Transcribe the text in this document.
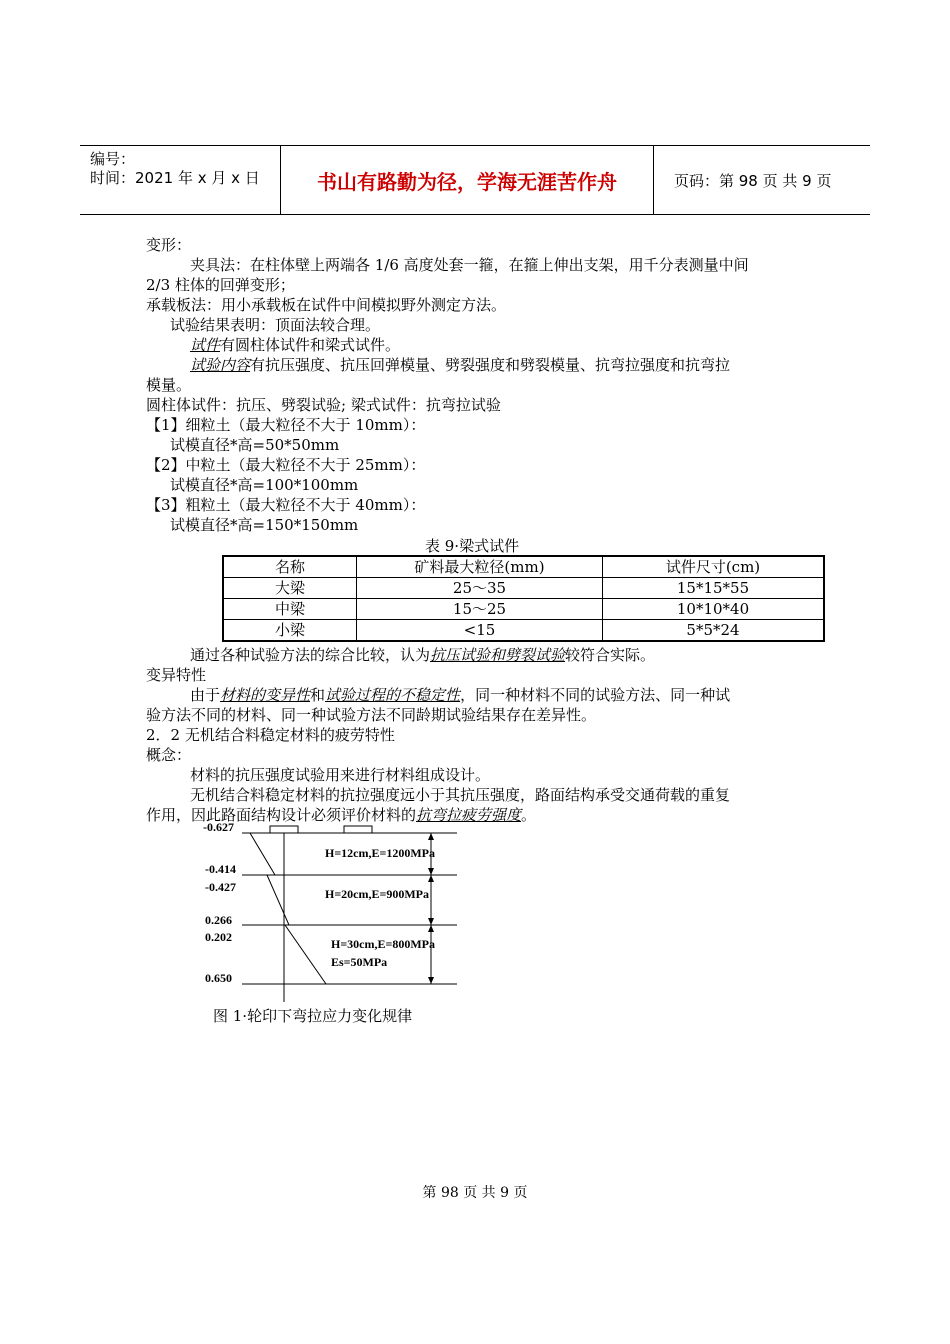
编号：
时间：2021 年 x 月 x 日	书山有路勤为径，学海无涯苦作舟	页码：第 98 页 共 9 页
变形：
夹具法：在柱体壁上两端各 1/6 高度处套一箍，在箍上伸出支架，用千分表测量中间
2/3 柱体的回弹变形；
承载板法：用小承载板在试件中间模拟野外测定方法。
试验结果表明：顶面法较合理。
试件有圆柱体试件和梁式试件。
试验内容有抗压强度、抗压回弹模量、劈裂强度和劈裂模量、抗弯拉强度和抗弯拉
模量。
圆柱体试件：抗压、劈裂试验; 梁式试件：抗弯拉试验
【1】细粒土（最大粒径不大于 10mm）：
试模直径*高=50*50mm
【2】中粒土（最大粒径不大于 25mm）：
试模直径*高=100*100mm
【3】粗粒土（最大粒径不大于 40mm）：
试模直径*高=150*150mm
表 9·梁式试件
名称	矿料最大粒径(mm)	试件尺寸(cm)
大梁	25～35	15*15*55
中梁	15～25	10*10*40
小梁	<15	5*5*24
通过各种试验方法的综合比较，认为抗压试验和劈裂试验较符合实际。
变异特性
由于材料的变异性和试验过程的不稳定性，同一种材料不同的试验方法、同一种试
验方法不同的材料、同一种试验方法不同龄期试验结果存在差异性。
2．2 无机结合料稳定材料的疲劳特性
概念：
材料的抗压强度试验用来进行材料组成设计。
无机结合料稳定材料的抗拉强度远小于其抗压强度，路面结构承受交通荷载的重复
作用，因此路面结构设计必须评价材料的抗弯拉疲劳强度。
-0.627
-0.414
-0.427
0.266
0.202
0.650
H=12cm,E=1200MPa
H=20cm,E=900MPa
H=30cm,E=800MPa
Es=50MPa
图 1·轮印下弯拉应力变化规律
第 98 页 共 9 页
